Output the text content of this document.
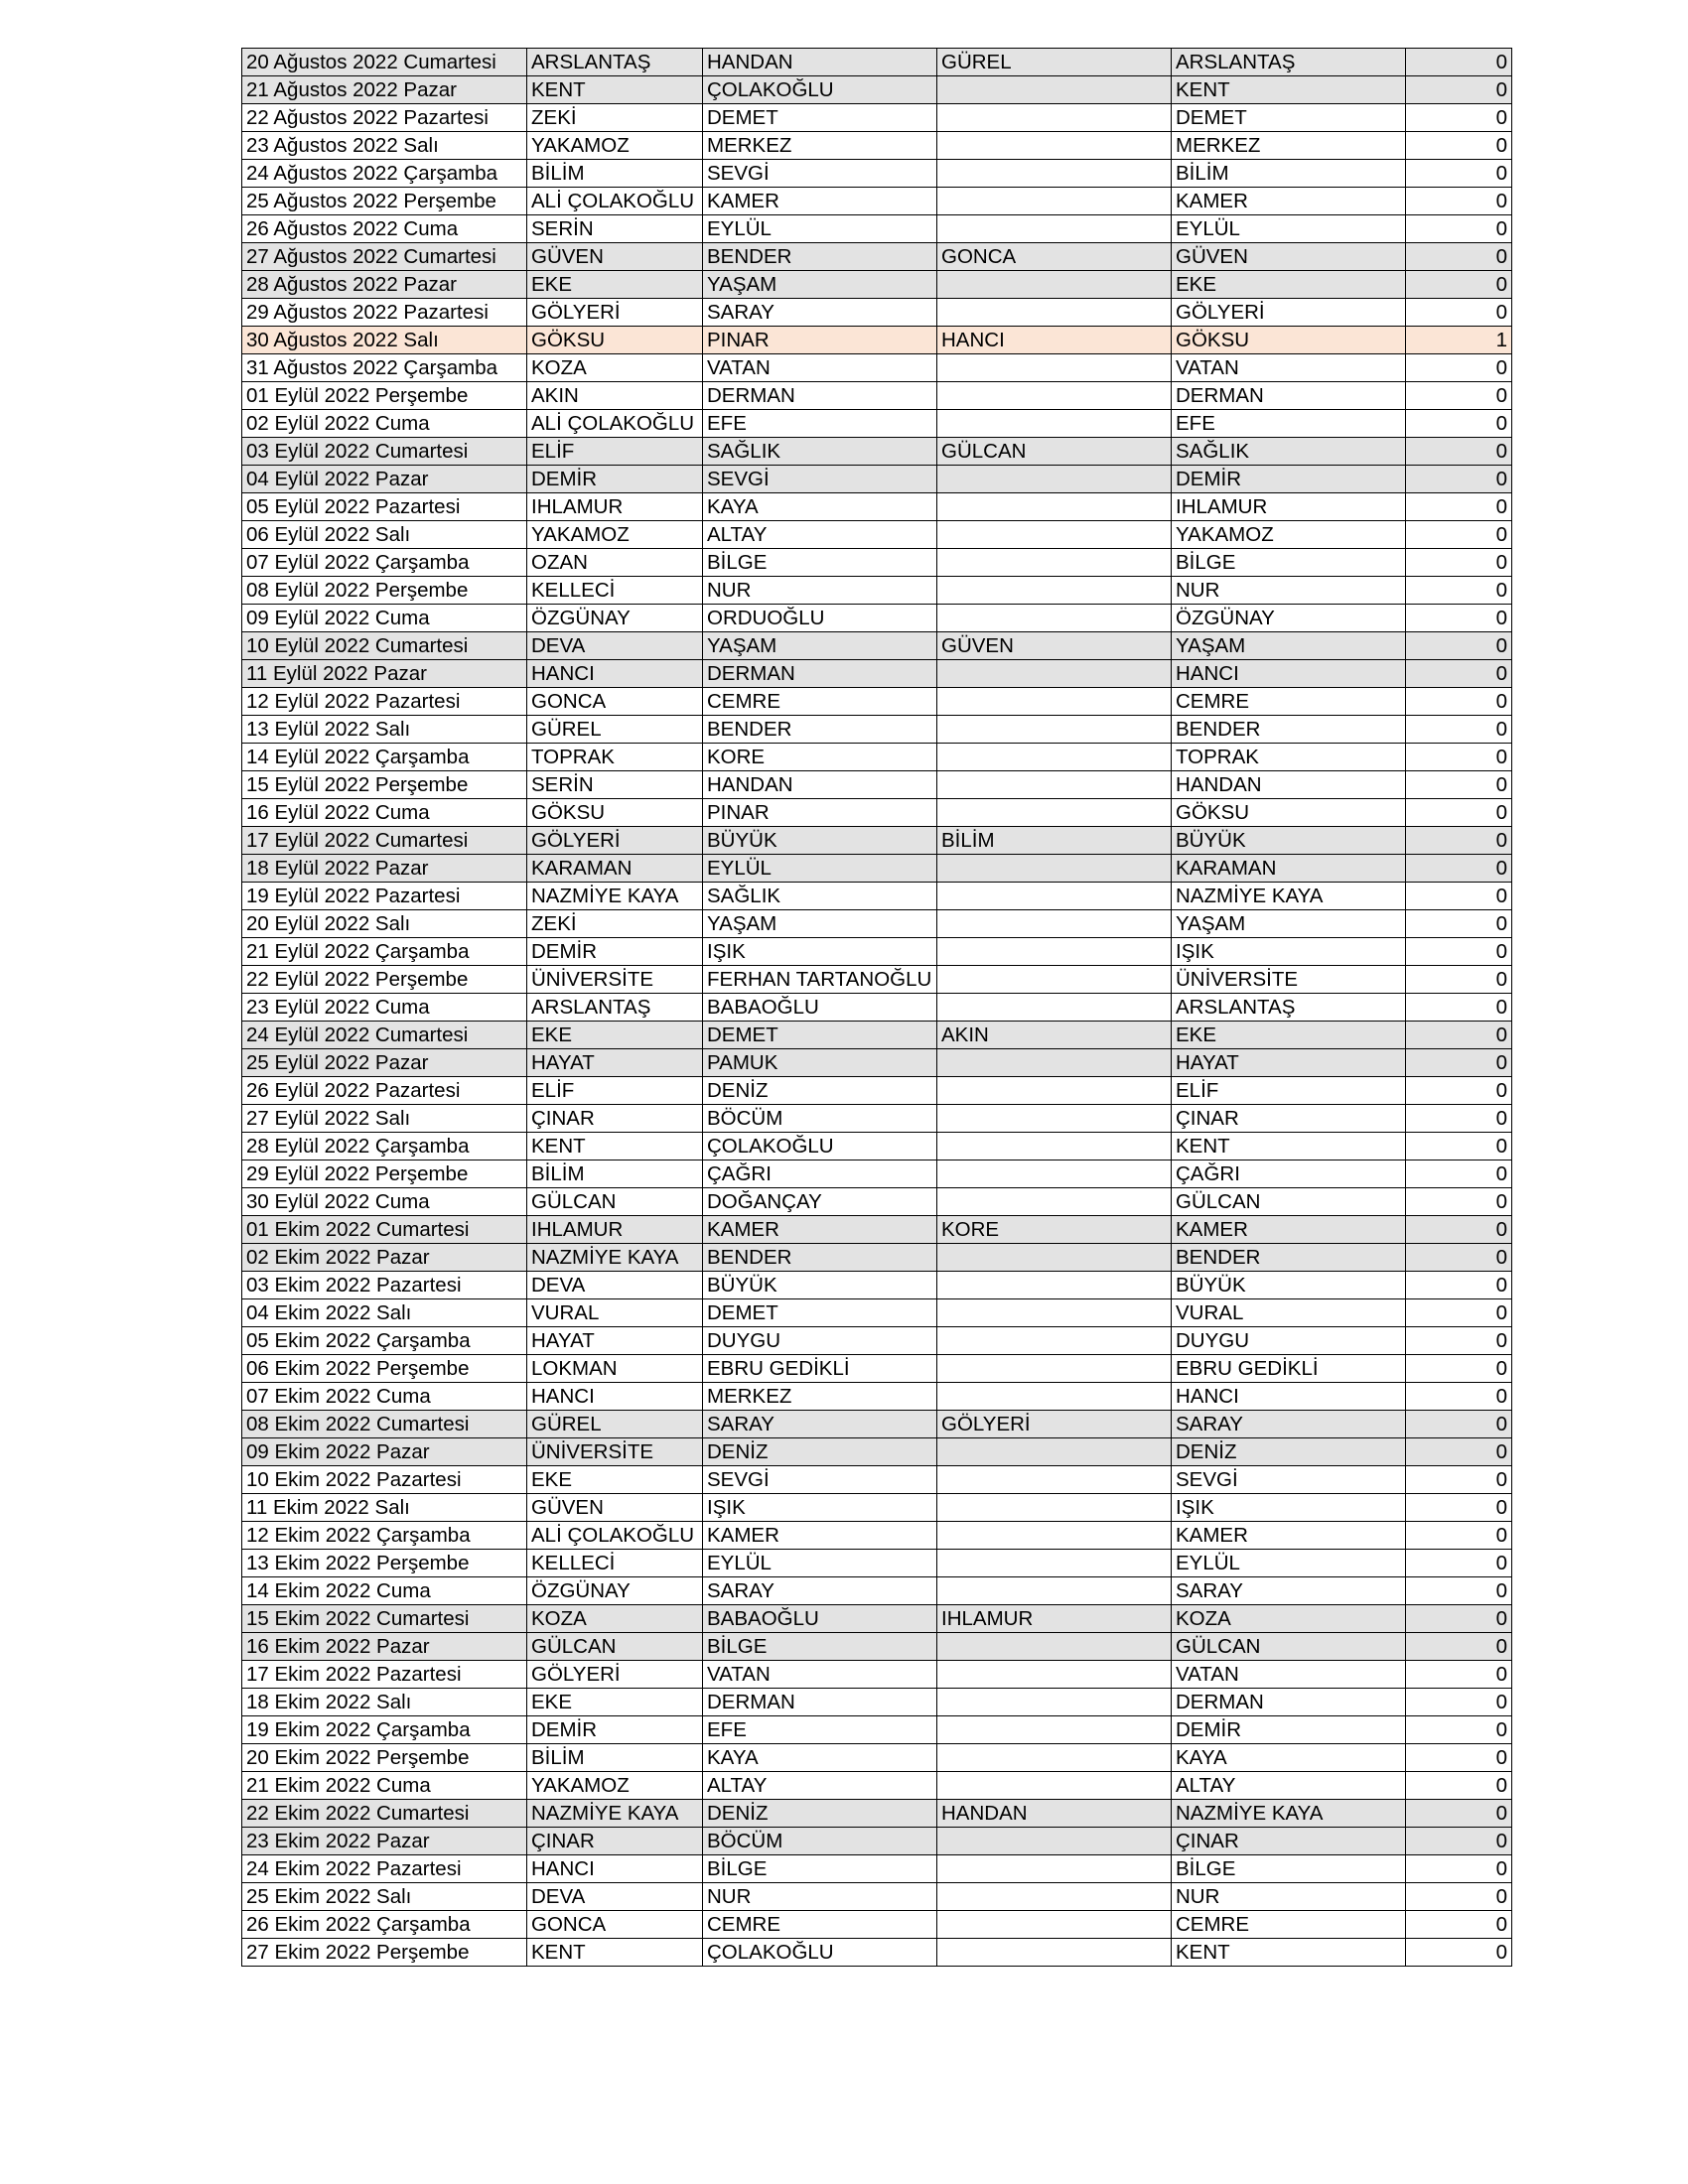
20 Ağustos 2022 Cumartesi	ARSLANTAŞ	HANDAN	GÜREL	ARSLANTAŞ	0
21 Ağustos 2022 Pazar	KENT	ÇOLAKOĞLU		KENT	0
22 Ağustos 2022 Pazartesi	ZEKİ	DEMET		DEMET	0
23 Ağustos 2022 Salı	YAKAMOZ	MERKEZ		MERKEZ	0
24 Ağustos 2022 Çarşamba	BİLİM	SEVGİ		BİLİM	0
25 Ağustos 2022 Perşembe	ALİ ÇOLAKOĞLU	KAMER		KAMER	0
26 Ağustos 2022 Cuma	SERİN	EYLÜL		EYLÜL	0
27 Ağustos 2022 Cumartesi	GÜVEN	BENDER	GONCA	GÜVEN	0
28 Ağustos 2022 Pazar	EKE	YAŞAM		EKE	0
29 Ağustos 2022 Pazartesi	GÖLYERİ	SARAY		GÖLYERİ	0
30 Ağustos 2022 Salı	GÖKSU	PINAR	HANCI	GÖKSU	1
31 Ağustos 2022 Çarşamba	KOZA	VATAN		VATAN	0
01 Eylül 2022 Perşembe	AKIN	DERMAN		DERMAN	0
02 Eylül 2022 Cuma	ALİ ÇOLAKOĞLU	EFE		EFE	0
03 Eylül 2022 Cumartesi	ELİF	SAĞLIK	GÜLCAN	SAĞLIK	0
04 Eylül 2022 Pazar	DEMİR	SEVGİ		DEMİR	0
05 Eylül 2022 Pazartesi	IHLAMUR	KAYA		IHLAMUR	0
06 Eylül 2022 Salı	YAKAMOZ	ALTAY		YAKAMOZ	0
07 Eylül 2022 Çarşamba	OZAN	BİLGE		BİLGE	0
08 Eylül 2022 Perşembe	KELLECİ	NUR		NUR	0
09 Eylül 2022 Cuma	ÖZGÜNAY	ORDUOĞLU		ÖZGÜNAY	0
10 Eylül 2022 Cumartesi	DEVA	YAŞAM	GÜVEN	YAŞAM	0
11 Eylül 2022 Pazar	HANCI	DERMAN		HANCI	0
12 Eylül 2022 Pazartesi	GONCA	CEMRE		CEMRE	0
13 Eylül 2022 Salı	GÜREL	BENDER		BENDER	0
14 Eylül 2022 Çarşamba	TOPRAK	KORE		TOPRAK	0
15 Eylül 2022 Perşembe	SERİN	HANDAN		HANDAN	0
16 Eylül 2022 Cuma	GÖKSU	PINAR		GÖKSU	0
17 Eylül 2022 Cumartesi	GÖLYERİ	BÜYÜK	BİLİM	BÜYÜK	0
18 Eylül 2022 Pazar	KARAMAN	EYLÜL		KARAMAN	0
19 Eylül 2022 Pazartesi	NAZMİYE KAYA	SAĞLIK		NAZMİYE KAYA	0
20 Eylül 2022 Salı	ZEKİ	YAŞAM		YAŞAM	0
21 Eylül 2022 Çarşamba	DEMİR	IŞIK		IŞIK	0
22 Eylül 2022 Perşembe	ÜNİVERSİTE	FERHAN TARTANOĞLU		ÜNİVERSİTE	0
23 Eylül 2022 Cuma	ARSLANTAŞ	BABAOĞLU		ARSLANTAŞ	0
24 Eylül 2022 Cumartesi	EKE	DEMET	AKIN	EKE	0
25 Eylül 2022 Pazar	HAYAT	PAMUK		HAYAT	0
26 Eylül 2022 Pazartesi	ELİF	DENİZ		ELİF	0
27 Eylül 2022 Salı	ÇINAR	BÖCÜM		ÇINAR	0
28 Eylül 2022 Çarşamba	KENT	ÇOLAKOĞLU		KENT	0
29 Eylül 2022 Perşembe	BİLİM	ÇAĞRI		ÇAĞRI	0
30 Eylül 2022 Cuma	GÜLCAN	DOĞANÇAY		GÜLCAN	0
01 Ekim 2022 Cumartesi	IHLAMUR	KAMER	KORE	KAMER	0
02 Ekim 2022 Pazar	NAZMİYE KAYA	BENDER		BENDER	0
03 Ekim 2022 Pazartesi	DEVA	BÜYÜK		BÜYÜK	0
04 Ekim 2022 Salı	VURAL	DEMET		VURAL	0
05 Ekim 2022 Çarşamba	HAYAT	DUYGU		DUYGU	0
06 Ekim 2022 Perşembe	LOKMAN	EBRU GEDİKLİ		EBRU GEDİKLİ	0
07 Ekim 2022 Cuma	HANCI	MERKEZ		HANCI	0
08 Ekim 2022 Cumartesi	GÜREL	SARAY	GÖLYERİ	SARAY	0
09 Ekim 2022 Pazar	ÜNİVERSİTE	DENİZ		DENİZ	0
10 Ekim 2022 Pazartesi	EKE	SEVGİ		SEVGİ	0
11 Ekim 2022 Salı	GÜVEN	IŞIK		IŞIK	0
12 Ekim 2022 Çarşamba	ALİ ÇOLAKOĞLU	KAMER		KAMER	0
13 Ekim 2022 Perşembe	KELLECİ	EYLÜL		EYLÜL	0
14 Ekim 2022 Cuma	ÖZGÜNAY	SARAY		SARAY	0
15 Ekim 2022 Cumartesi	KOZA	BABAOĞLU	IHLAMUR	KOZA	0
16 Ekim 2022 Pazar	GÜLCAN	BİLGE		GÜLCAN	0
17 Ekim 2022 Pazartesi	GÖLYERİ	VATAN		VATAN	0
18 Ekim 2022 Salı	EKE	DERMAN		DERMAN	0
19 Ekim 2022 Çarşamba	DEMİR	EFE		DEMİR	0
20 Ekim 2022 Perşembe	BİLİM	KAYA		KAYA	0
21 Ekim 2022 Cuma	YAKAMOZ	ALTAY		ALTAY	0
22 Ekim 2022 Cumartesi	NAZMİYE KAYA	DENİZ	HANDAN	NAZMİYE KAYA	0
23 Ekim 2022 Pazar	ÇINAR	BÖCÜM		ÇINAR	0
24 Ekim 2022 Pazartesi	HANCI	BİLGE		BİLGE	0
25 Ekim 2022 Salı	DEVA	NUR		NUR	0
26 Ekim 2022 Çarşamba	GONCA	CEMRE		CEMRE	0
27 Ekim 2022 Perşembe	KENT	ÇOLAKOĞLU		KENT	0
